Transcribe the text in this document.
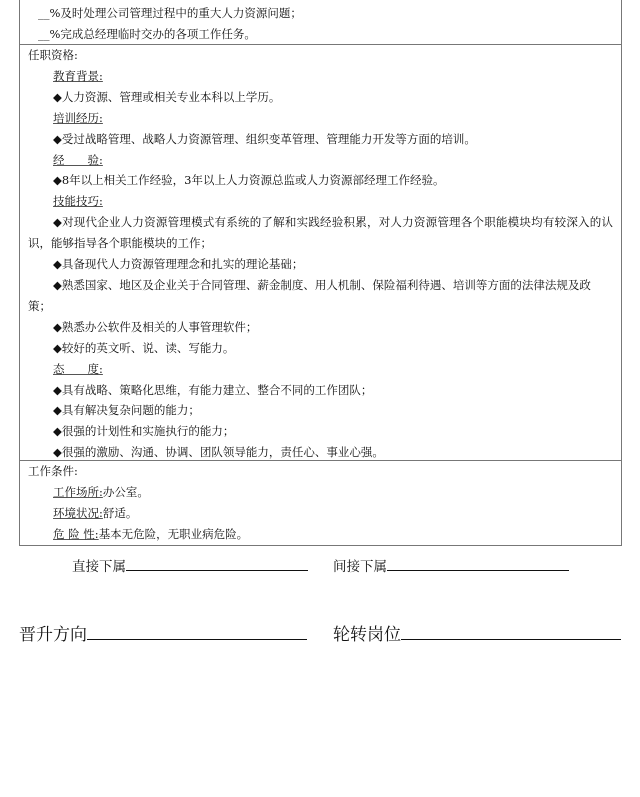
__%及时处理公司管理过程中的重大人力资源问题；
__%完成总经理临时交办的各项工作任务。
任职资格:
教育背景:
◆人力资源、管理或相关专业本科以上学历。
培训经历:
◆受过战略管理、战略人力资源管理、组织变革管理、管理能力开发等方面的培训。
经　　验:
◆8年以上相关工作经验，3年以上人力资源总监或人力资源部经理工作经验。
技能技巧:
◆对现代企业人力资源管理模式有系统的了解和实践经验积累，对人力资源管理各个职能模块均有较深入的认识，能够指导各个职能模块的工作；
◆具备现代人力资源管理理念和扎实的理论基础；
◆熟悉国家、地区及企业关于合同管理、薪金制度、用人机制、保险福利待遇、培训等方面的法律法规及政策；
◆熟悉办公软件及相关的人事管理软件；
◆较好的英文听、说、读、写能力。
态　　度:
◆具有战略、策略化思维，有能力建立、整合不同的工作团队；
◆具有解决复杂问题的能力；
◆很强的计划性和实施执行的能力；
◆很强的激励、沟通、协调、团队领导能力，责任心、事业心强。
工作条件:
工作场所:办公室。
环境状况:舒适。
危 险 性:基本无危险，无职业病危险。
直接下属	间接下属
晋升方向	轮转岗位
